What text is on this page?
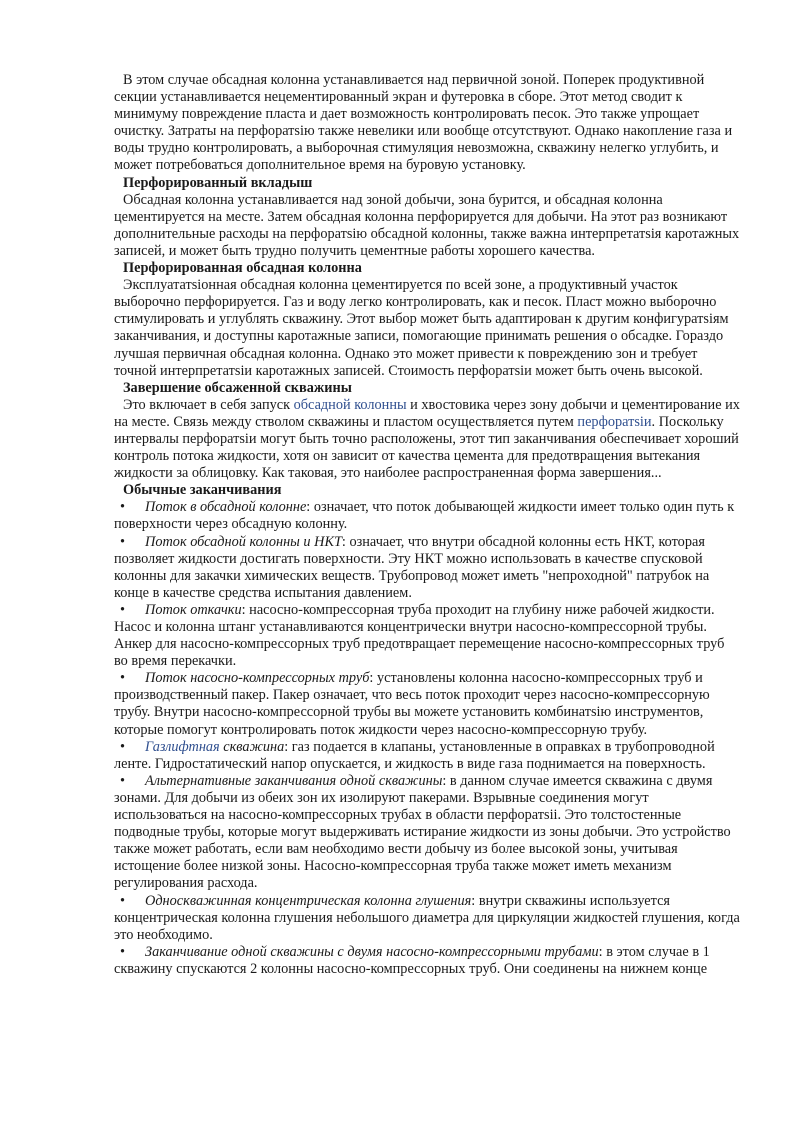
В этом случае обсадная колонна устанавливается над первичной зоной. Поперек продуктивной секции устанавливается нецементированный экран и футеровка в сборе. Этот метод сводит к минимуму повреждение пласта и дает возможность контролировать песок. Это также упрощает очистку. Затраты на перфоратsію также невелики или вообще отсутствуют. Однако накопление газа и воды трудно контролировать, а выборочная стимуляция невозможна, скважину нелегко углубить, и может потребоваться дополнительное время на буровую установку.

Перфорированный вкладыш

Обсадная колонна устанавливается над зоной добычи, зона бурится, и обсадная колонна цементируется на месте. Затем обсадная колонна перфорируется для добычи. На этот раз возникают дополнительные расходы на перфоратsію обсадной колонны, также важна интерпретатsія каротажных записей, и может быть трудно получить цементные работы хорошего качества.

Перфорированная обсадная колонна

Эксплуататsіонная обсадная колонна цементируется по всей зоне, а продуктивный участок выборочно перфорируется. Газ и воду легко контролировать, как и песок. Пласт можно выборочно стимулировать и углублять скважину. Этот выбор может быть адаптирован к другим конфигуратsіям заканчивания, и доступны каротажные записи, помогающие принимать решения о обсадке. Гораздо лучшая первичная обсадная колонна. Однако это может привести к повреждению зон и требует точной интерпретатsіи каротажных записей. Стоимость перфоратsіи может быть очень высокой.

Завершение обсаженной скважины

Это включает в себя запуск обсадной колонны и хвостовика через зону добычи и цементирование их на месте. Связь между стволом скважины и пластом осуществляется путем перфоратsіи. Поскольку интервалы перфоратsіи могут быть точно расположены, этот тип заканчивания обеспечивает хороший контроль потока жидкости, хотя он зависит от качества цемента для предотвращения вытекания жидкости за облицовку. Как таковая, это наиболее распространенная форма завершения...

Обычные заканчивания
• Поток в обсадной колонне: означает, что поток добывающей жидкости имеет только один путь к поверхности через обсадную колонну.
• Поток обсадной колонны и НКТ: означает, что внутри обсадной колонны есть НКТ, которая позволяет жидкости достигать поверхности. Эту НКТ можно использовать в качестве спусковой колонны для закачки химических веществ. Трубопровод может иметь "непроходной" патрубок на конце в качестве средства испытания давлением.
• Поток откачки: насосно-компрессорная труба проходит на глубину ниже рабочей жидкости. Насос и колонна штанг устанавливаются концентрически внутри насосно-компрессорной трубы. Анкер для насосно-компрессорных труб предотвращает перемещение насосно-компрессорных труб во время перекачки.
• Поток насосно-компрессорных труб: установлены колонна насосно-компрессорных труб и производственный пакер. Пакер означает, что весь поток проходит через насосно-компрессорную трубу. Внутри насосно-компрессорной трубы вы можете установить комбинатsію инструментов, которые помогут контролировать поток жидкости через насосно-компрессорную трубу.
• Газлифтная скважина: газ подается в клапаны, установленные в оправках в трубопроводной ленте. Гидростатический напор опускается, и жидкость в виде газа поднимается на поверхность.
• Альтернативные заканчивания одной скважины: в данном случае имеется скважина с двумя зонами. Для добычи из обеих зон их изолируют пакерами. Взрывные соединения могут использоваться на насосно-компрессорных трубах в области перфоратsіі. Это толстостенные подводные трубы, которые могут выдерживать истирание жидкости из зоны добычи. Это устройство также может работать, если вам необходимо вести добычу из более высокой зоны, учитывая истощение более низкой зоны. Насосно-компрессорная труба также может иметь механизм регулирования расхода.
• Односкважинная концентрическая колонна глушения: внутри скважины используется концентрическая колонна глушения небольшого диаметра для циркуляции жидкостей глушения, когда это необходимо.
• Заканчивание одной скважины с двумя насосно-компрессорными трубами: в этом случае в 1 скважину спускаются 2 колонны насосно-компрессорных труб. Они соединены на нижнем конце
